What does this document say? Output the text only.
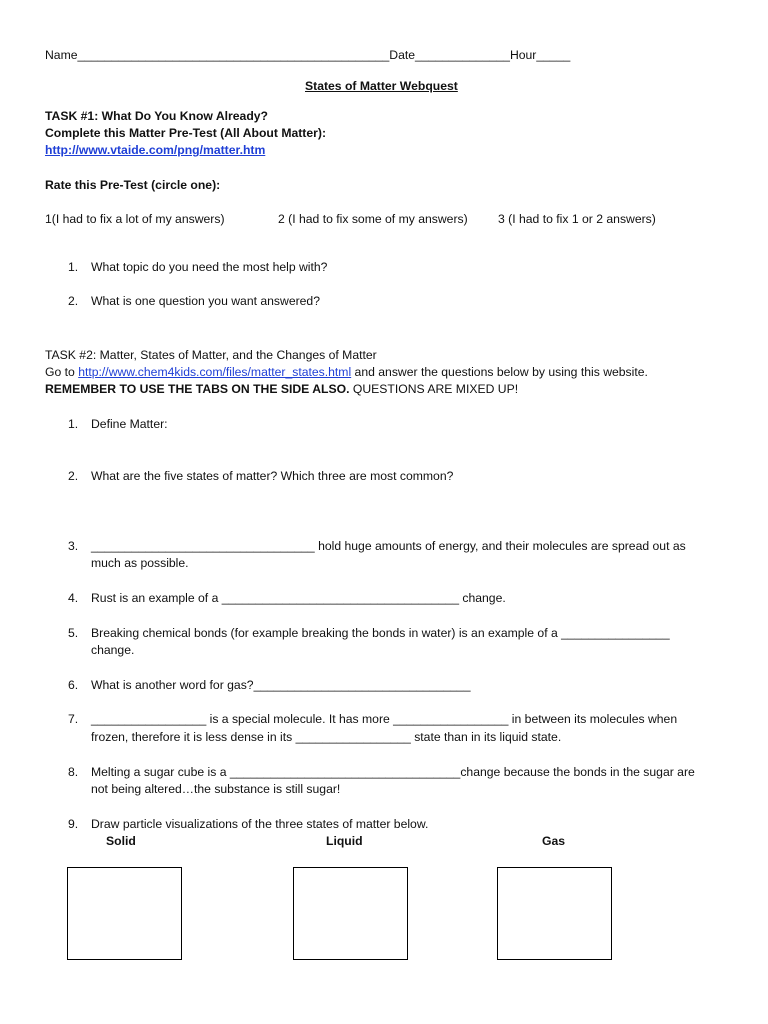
Name______________________________________________Date______________Hour_____
States of Matter Webquest
TASK #1: What Do You Know Already?
Complete this Matter Pre-Test (All About Matter):
http://www.vtaide.com/png/matter.htm
Rate this Pre-Test (circle one):
1(I had to fix a lot of my answers)	2 (I had to fix some of my answers) 3 (I had to fix 1 or 2 answers)
1. What topic do you need the most help with?
2. What is one question you want answered?
TASK #2: Matter, States of Matter, and the Changes of Matter
Go to http://www.chem4kids.com/files/matter_states.html and answer the questions below by using this website.
REMEMBER TO USE THE TABS ON THE SIDE ALSO. QUESTIONS ARE MIXED UP!
1. Define Matter:
2. What are the five states of matter? Which three are most common?
3. _________________________________ hold huge amounts of energy, and their molecules are spread out as
much as possible.
4. Rust is an example of a ___________________________________ change.
5. Breaking chemical bonds (for example breaking the bonds in water) is an example of a ________________
change.
6. What is another word for gas?________________________________
7. _________________ is a special molecule. It has more _________________ in between its molecules when
frozen, therefore it is less dense in its _________________ state than in its liquid state.
8. Melting a sugar cube is a __________________________________change because the bonds in the sugar are
not being altered…the substance is still sugar!
9. Draw particle visualizations of the three states of matter below.
Solid	Liquid	Gas
